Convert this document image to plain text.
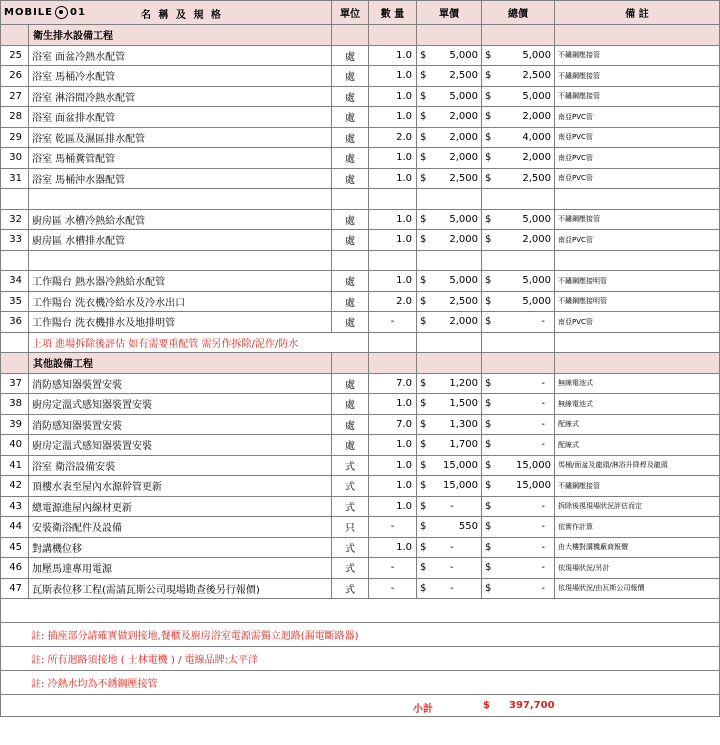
MOBILE 01 名 稱 及 規 格		單位	數 量	單價	總價	備 註
	衛生排水設備工程					
25	浴室 面盆冷熱水配管	處	1.0	$ 5,000	$ 5,000	不鏽鋼壓接管
26	浴室 馬桶冷水配管	處	1.0	$ 2,500	$ 2,500	不鏽鋼壓接管
27	浴室 淋浴間冷熱水配管	處	1.0	$ 5,000	$ 5,000	不鏽鋼壓接管
28	浴室 面盆排水配管	處	1.0	$ 2,000	$ 2,000	南亞PVC管
29	浴室 乾區及濕區排水配管	處	2.0	$ 2,000	$ 4,000	南亞PVC管
30	浴室 馬桶糞管配管	處	1.0	$ 2,000	$ 2,000	南亞PVC管
31	浴室 馬桶沖水器配管	處	1.0	$ 2,500	$ 2,500	南亞PVC管

32	廚房區 水槽冷熱給水配管	處	1.0	$ 5,000	$ 5,000	不鏽鋼壓接管
33	廚房區 水槽排水配管	處	1.0	$ 2,000	$ 2,000	南亞PVC管

34	工作陽台 熱水器冷熱給水配管	處	1.0	$ 5,000	$ 5,000	不鏽鋼壓接明管
35	工作陽台 洗衣機冷給水及冷水出口	處	2.0	$ 2,500	$ 5,000	不鏽鋼壓接明管
36	工作陽台 洗衣機排水及地排明管	處	-	$ 2,000	$ -	南亞PVC管
	上項 進場拆除後評估 如有需要重配管 需另作拆除/泥作/防水					
	其他設備工程					
37	消防感知器裝置安裝	處	7.0	$ 1,200	$ -	無線電池式
38	廚房定溫式感知器裝置安裝	處	1.0	$ 1,500	$ -	無線電池式
39	消防感知器裝置安裝	處	7.0	$ 1,300	$ -	配線式
40	廚房定溫式感知器裝置安裝	處	1.0	$ 1,700	$ -	配線式
41	浴室 衛浴設備安裝	式	1.0	$ 15,000	$ 15,000	馬桶/面盆及龍頭/淋浴升降桿及龍頭
42	頂樓水表至屋內水源幹管更新	式	1.0	$ 15,000	$ 15,000	不鏽鋼壓接管
43	總電源進屋內線材更新	式	1.0	$ -	$ -	拆除後視現場狀況評估而定
44	安裝衛浴配件及設備	只	-	$ 550	$ -	依實作計算
45	對講機位移	式	1.0	$ -	$ -	由大樓對講機廠商報價
46	加壓馬達專用電源	式	-	$ -	$ -	依現場狀況/另計
47	瓦斯表位移工程(需請瓦斯公司現場勘查後另行報價)	式	-	$ -	$ -	依現場狀況/由瓦斯公司報價

註: 插座部分請確實做到接地,餐櫃及廚房浴室電源需獨立迴路(漏電斷路器)						
註: 所有迴路須接地 ( 士林電機 ) / 電線品牌:太平洋						
註: 冷熱水均為不銹鋼壓接管						

小計 $ 397,700						
